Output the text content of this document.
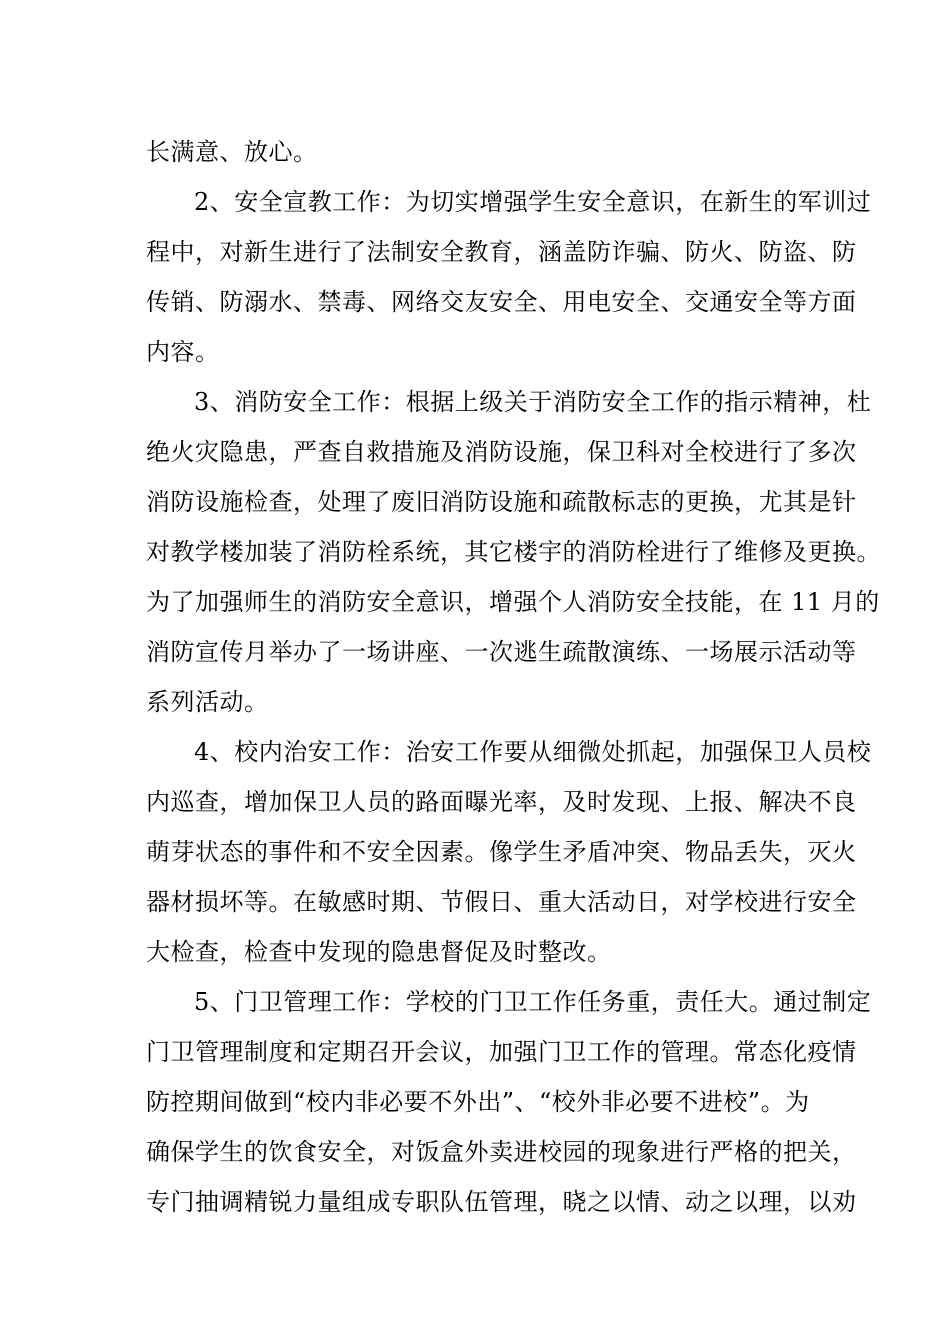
长满意、放心。
2、安全宣教工作：为切实增强学生安全意识，在新生的军训过
程中，对新生进行了法制安全教育，涵盖防诈骗、防火、防盗、防
传销、防溺水、禁毒、网络交友安全、用电安全、交通安全等方面
内容。
3、消防安全工作：根据上级关于消防安全工作的指示精神，杜
绝火灾隐患，严查自救措施及消防设施，保卫科对全校进行了多次
消防设施检查，处理了废旧消防设施和疏散标志的更换，尤其是针
对教学楼加装了消防栓系统，其它楼宇的消防栓进行了维修及更换。
为了加强师生的消防安全意识，增强个人消防安全技能，在 11 月的
消防宣传月举办了一场讲座、一次逃生疏散演练、一场展示活动等
系列活动。
4、校内治安工作：治安工作要从细微处抓起，加强保卫人员校
内巡查，增加保卫人员的路面曝光率，及时发现、上报、解决不良
萌芽状态的事件和不安全因素。像学生矛盾冲突、物品丢失，灭火
器材损坏等。在敏感时期、节假日、重大活动日，对学校进行安全
大检查，检查中发现的隐患督促及时整改。
5、门卫管理工作：学校的门卫工作任务重，责任大。通过制定
门卫管理制度和定期召开会议，加强门卫工作的管理。常态化疫情
防控期间做到“校内非必要不外出”、“校外非必要不进校”。为
确保学生的饮食安全，对饭盒外卖进校园的现象进行严格的把关，
专门抽调精锐力量组成专职队伍管理，晓之以情、动之以理，以劝
